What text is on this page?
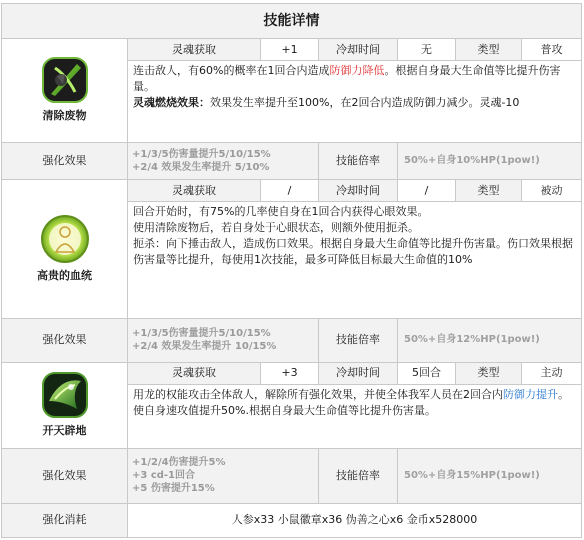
技能详情						

清除废物	灵魂获取	+1	冷却时间	无	类型	普攻

	连击敌人，有60%的概率在1回合内造成防御力降低。根据自身最大生命值等比提升伤害量。

灵魂燃烧效果：效果发生率提升至100%，在2回合内造成防御力减少。灵魂-10					

强化效果	+1/3/5伤害量提升5/10/15%
+2/4 效果发生率提升 5/10%		技能倍率	50%+自身10%HP(1pow!)		

高贵的血统	灵魂获取	/	冷却时间	/	类型	被动

	回合开始时，有75%的几率使自身在1回合内获得心眼效果。

使用清除废物后，若自身处于心眼状态，则额外使用扼杀。

扼杀：向下捶击敌人，造成伤口效果。根据自身最大生命值等比提升伤害量。伤口效果根据伤害量等比提升，每使用1次技能，最多可降低目标最大生命值的10%					

强化效果	+1/3/5伤害量提升5/10/15%
+2/4 效果发生率提升 10/15%		技能倍率	50%+自身12%HP(1pow!)		

开天辟地	灵魂获取	+3	冷却时间	5回合	类型	主动

	用龙的权能攻击全体敌人，解除所有强化效果，并使全体我军人员在2回合内防御力提升。使自身速攻值提升50%.根据自身最大生命值等比提升伤害量。					

强化效果	+1/2/4伤害提升5%
+3 cd-1回合
+5 伤害提升15%		技能倍率	50%+自身15%HP(1pow!)		
强化消耗	人参x33 小鼠徽章x36 伪善之心x6 金币x528000					
